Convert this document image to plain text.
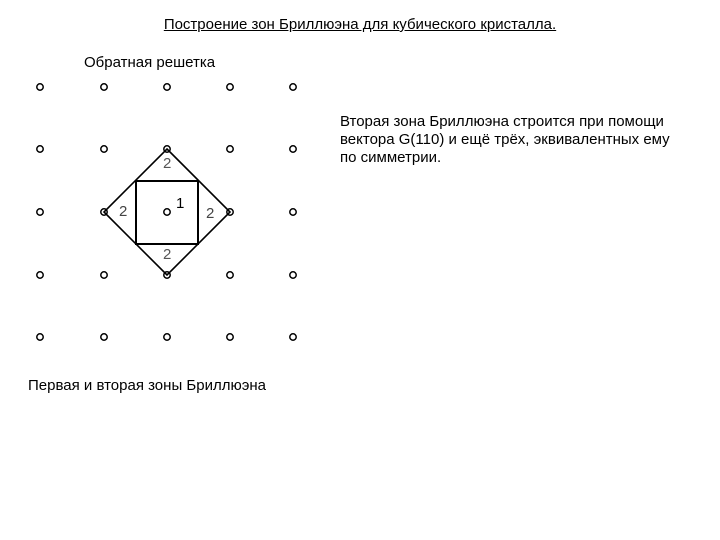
Построение зон Бриллюэна для кубического кристалла.
Обратная решетка
Вторая зона Бриллюэна строится при помощи вектора G(110) и ещё трёх, эквивалентных ему по симметрии.
Первая и вторая зоны Бриллюэна
1
2
2	2
2
